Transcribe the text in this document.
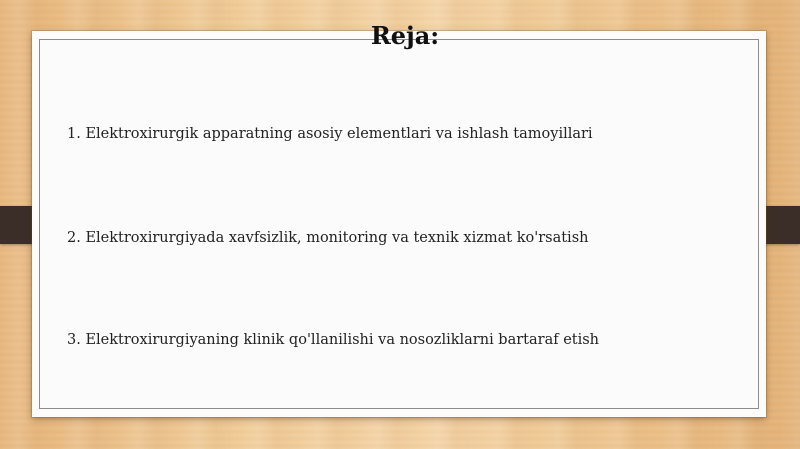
Reja:
1. Elektroxirurgik apparatning asosiy elementlari va ishlash tamoyillari
2. Elektroxirurgiyada xavfsizlik, monitoring va texnik xizmat ko'rsatish
3. Elektroxirurgiyaning klinik qo'llanilishi va nosozliklarni bartaraf etish
